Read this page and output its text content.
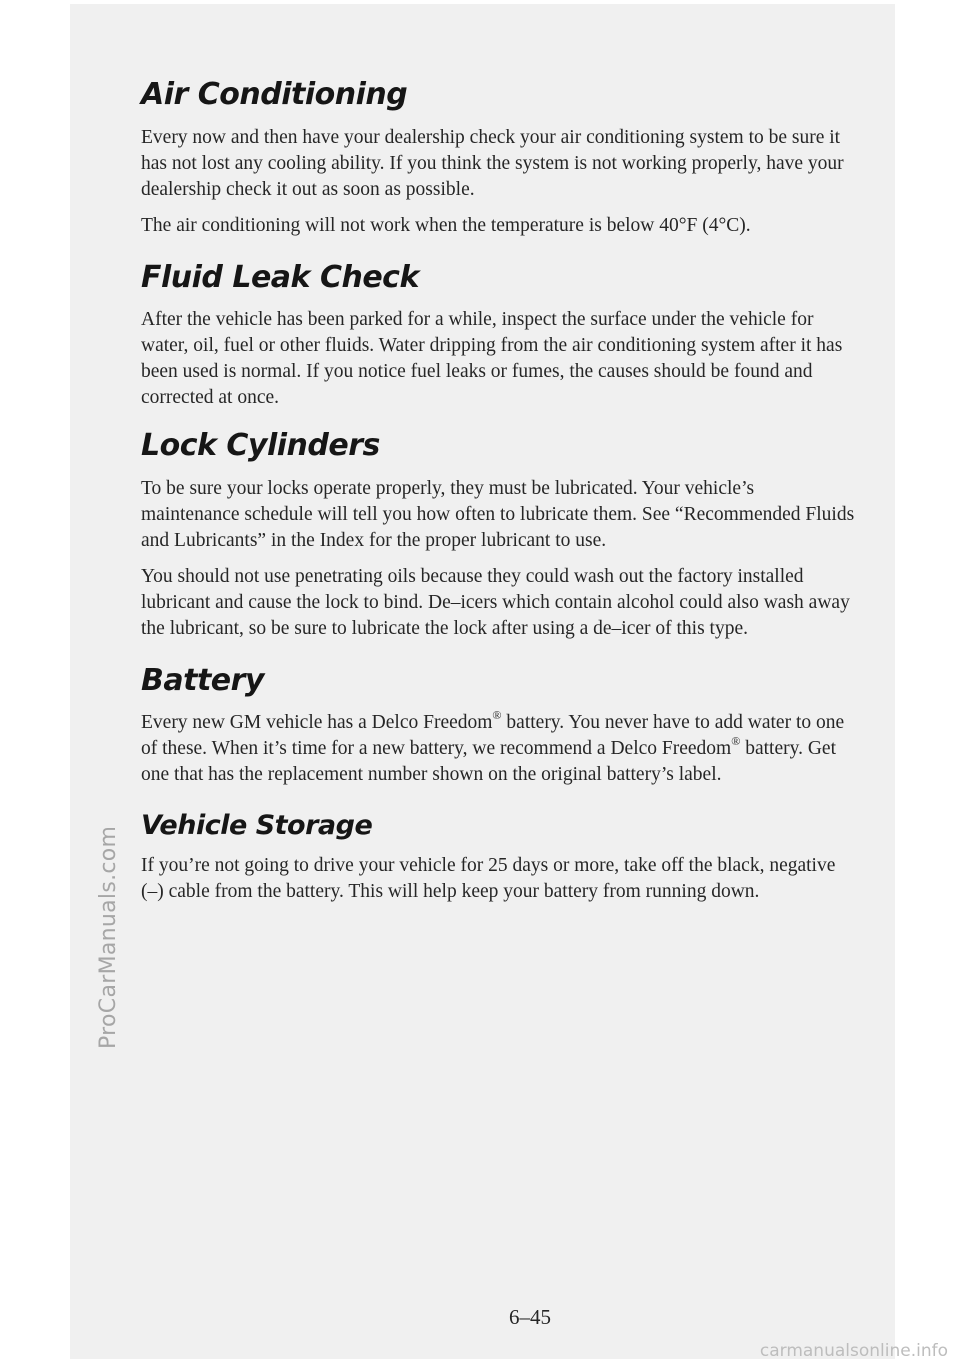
ProCarManuals.com
Air Conditioning

Every now and then have your dealership check your air conditioning system to be sure it has not lost any cooling ability. If you think the system is not working properly, have your dealership check it out as soon as possible.

The air conditioning will not work when the temperature is below 40°F (4°C).

Fluid Leak Check

After the vehicle has been parked for a while, inspect the surface under the vehicle for water, oil, fuel or other fluids. Water dripping from the air conditioning system after it has been used is normal. If you notice fuel leaks or fumes, the causes should be found and corrected at once.

Lock Cylinders

To be sure your locks operate properly, they must be lubricated. Your vehicle’s maintenance schedule will tell you how often to lubricate them. See “Recommended Fluids and Lubricants” in the Index for the proper lubricant to use.

You should not use penetrating oils because they could wash out the factory installed lubricant and cause the lock to bind. De–icers which contain alcohol could also wash away the lubricant, so be sure to lubricate the lock after using a de–icer of this type.

Battery

Every new GM vehicle has a Delco Freedom® battery. You never have to add water to one of these. When it’s time for a new battery, we recommend a Delco Freedom® battery. Get one that has the replacement number shown on the original battery’s label.

Vehicle Storage

If you’re not going to drive your vehicle for 25 days or more, take off the black, negative (–) cable from the battery. This will help keep your battery from running down.

6–45
carmanualsonline.info
